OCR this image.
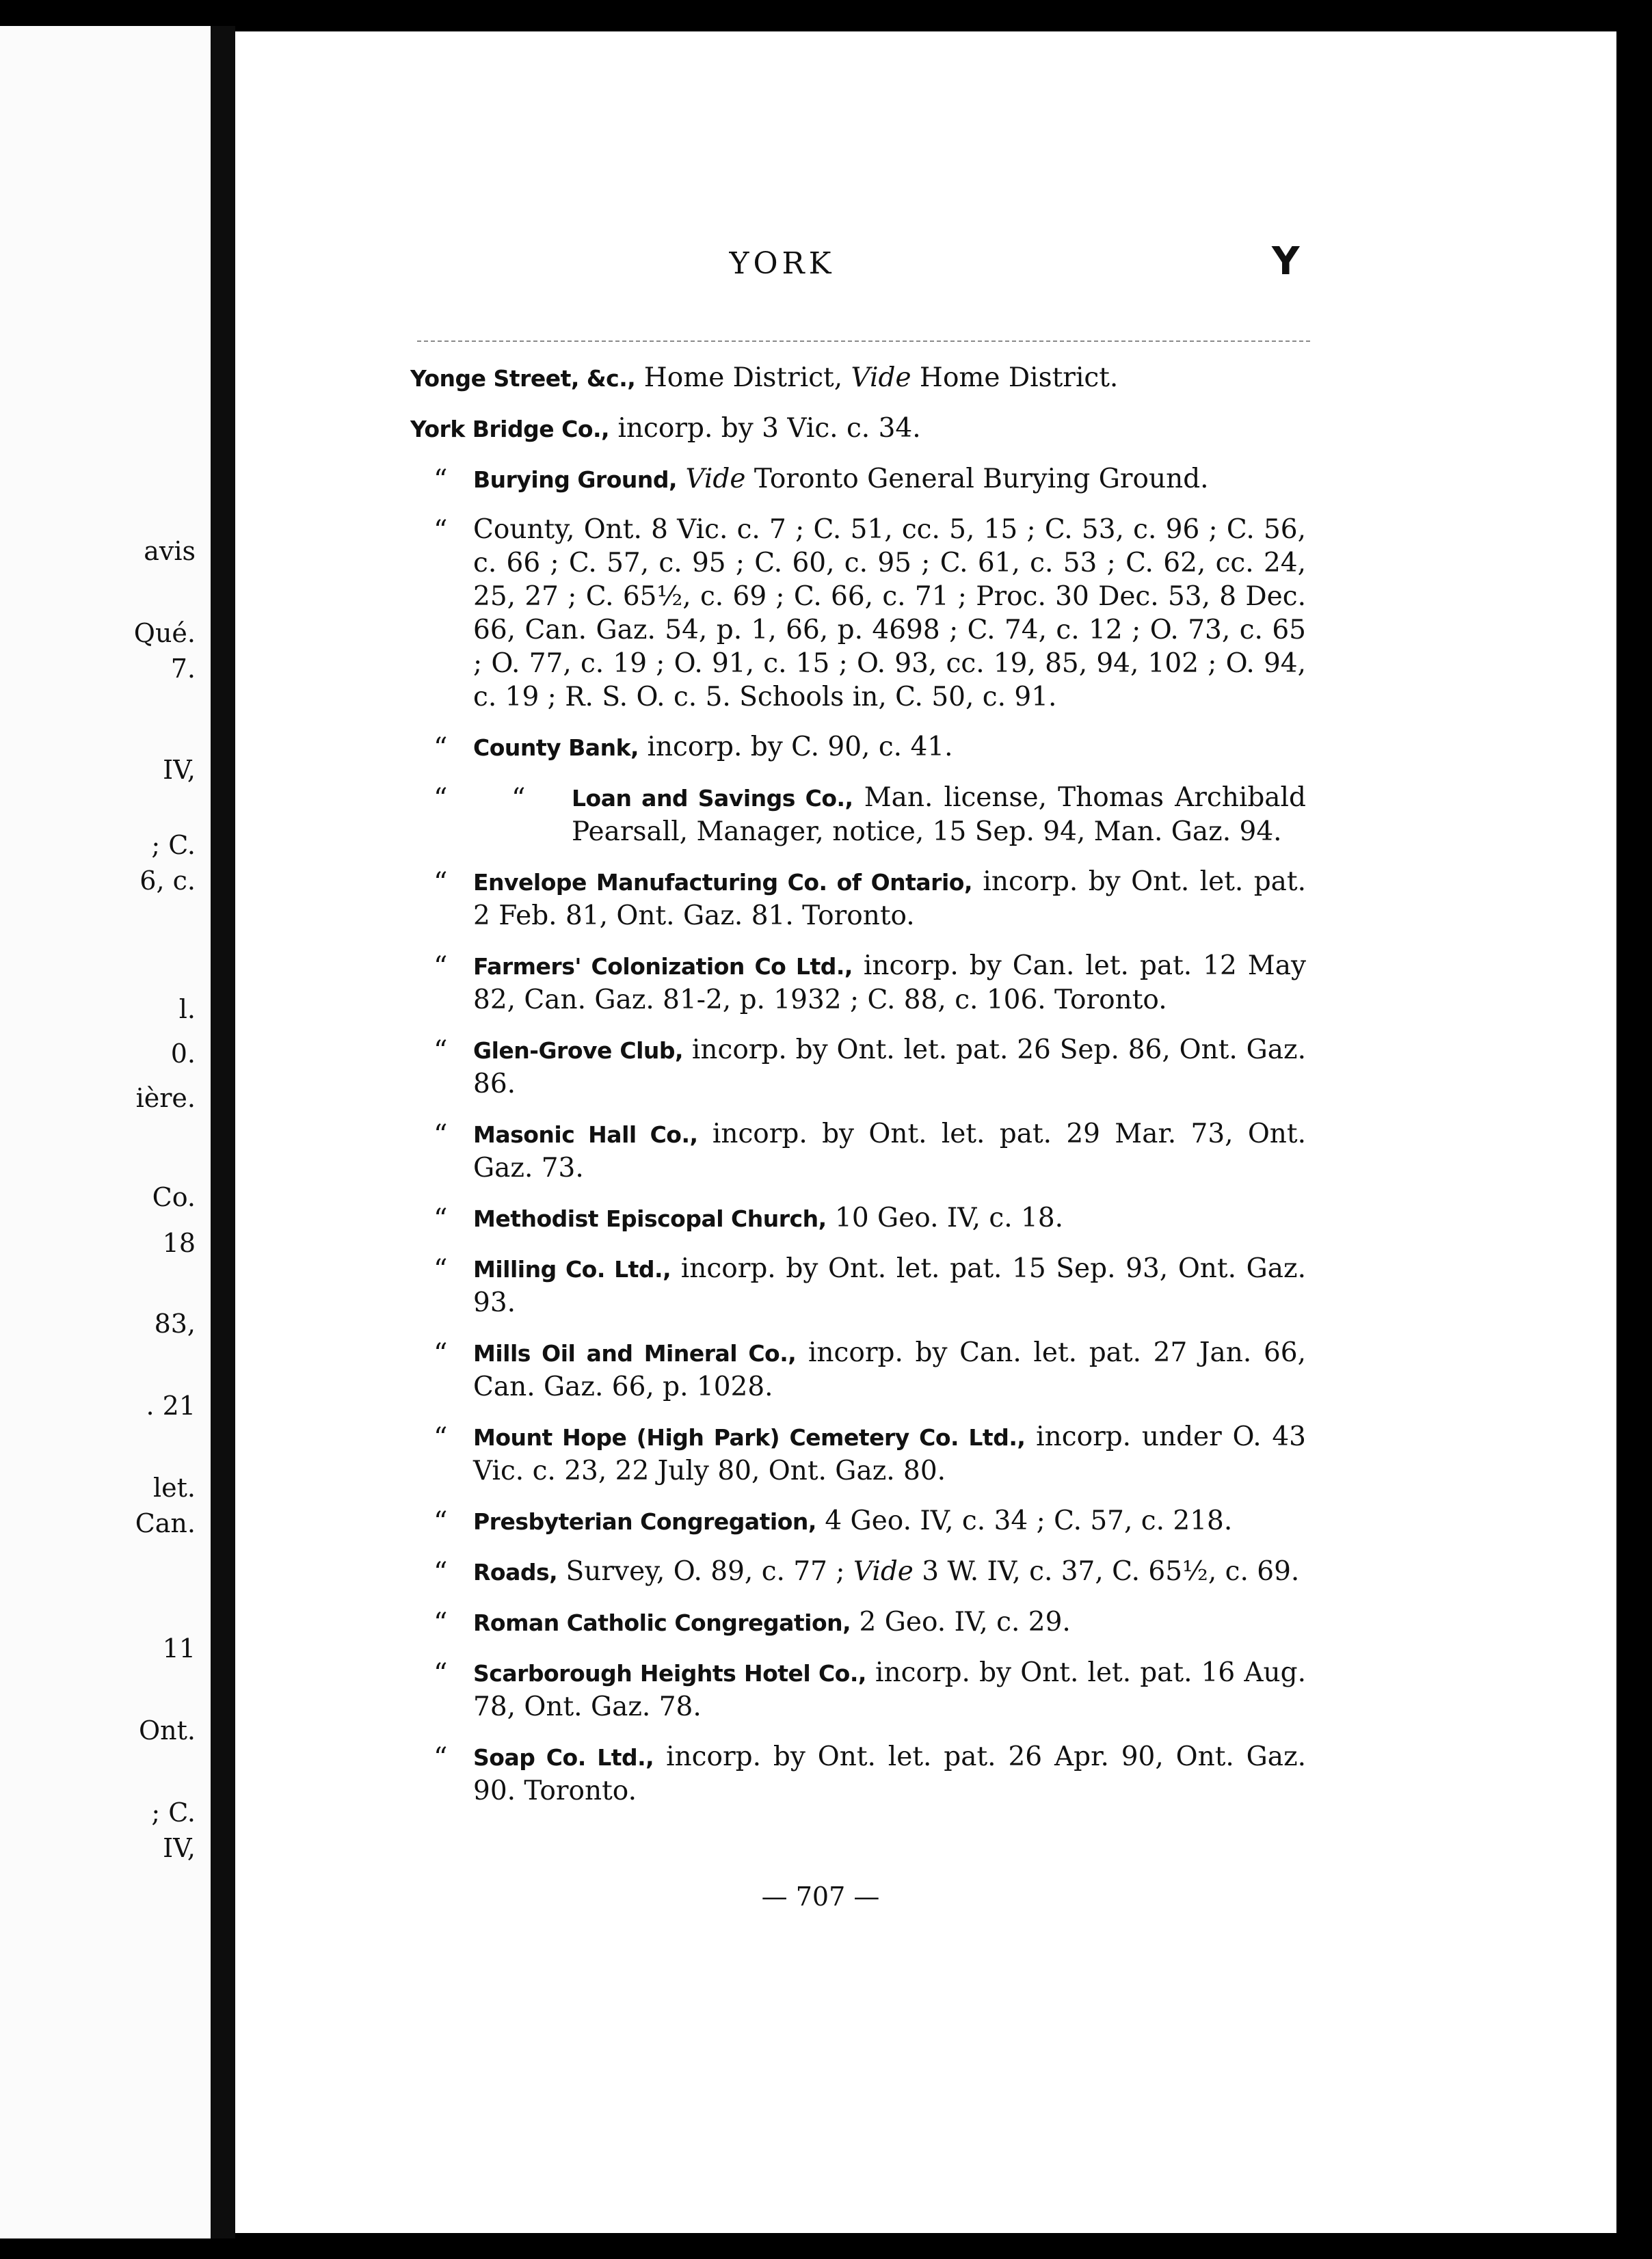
avis
Qué.
7.
IV,
; C.
6, c.
l.
0.
ière.
Co.
18
83,
. 21
let.
Can.
11
Ont.
; C.
IV,
YORK	Y
Yonge Street, &c., Home District, Vide Home District.
York Bridge Co., incorp. by 3 Vic. c. 34.
“ Burying Ground, Vide Toronto General Burying Ground.
“ County, Ont. 8 Vic. c. 7 ; C. 51, cc. 5, 15 ; C. 53, c. 96 ; C. 56, c. 66 ; C. 57, c. 95 ; C. 60, c. 95 ; C. 61, c. 53 ; C. 62, cc. 24, 25, 27 ; C. 65½, c. 69 ; C. 66, c. 71 ; Proc. 30 Dec. 53, 8 Dec. 66, Can. Gaz. 54, p. 1, 66, p. 4698 ; C. 74, c. 12 ; O. 73, c. 65 ; O. 77, c. 19 ; O. 91, c. 15 ; O. 93, cc. 19, 85, 94, 102 ; O. 94, c. 19 ; R. S. O. c. 5. Schools in, C. 50, c. 91.
“ County Bank, incorp. by C. 90, c. 41.
“ “ Loan and Savings Co., Man. license, Thomas Archibald Pearsall, Manager, notice, 15 Sep. 94, Man. Gaz. 94.
“ Envelope Manufacturing Co. of Ontario, incorp. by Ont. let. pat. 2 Feb. 81, Ont. Gaz. 81. Toronto.
“ Farmers' Colonization Co Ltd., incorp. by Can. let. pat. 12 May 82, Can. Gaz. 81-2, p. 1932 ; C. 88, c. 106. Toronto.
“ Glen-Grove Club, incorp. by Ont. let. pat. 26 Sep. 86, Ont. Gaz. 86.
“ Masonic Hall Co., incorp. by Ont. let. pat. 29 Mar. 73, Ont. Gaz. 73.
“ Methodist Episcopal Church, 10 Geo. IV, c. 18.
“ Milling Co. Ltd., incorp. by Ont. let. pat. 15 Sep. 93, Ont. Gaz. 93.
“ Mills Oil and Mineral Co., incorp. by Can. let. pat. 27 Jan. 66, Can. Gaz. 66, p. 1028.
“ Mount Hope (High Park) Cemetery Co. Ltd., incorp. under O. 43 Vic. c. 23, 22 July 80, Ont. Gaz. 80.
“ Presbyterian Congregation, 4 Geo. IV, c. 34 ; C. 57, c. 218.
“ Roads, Survey, O. 89, c. 77 ; Vide 3 W. IV, c. 37, C. 65½, c. 69.
“ Roman Catholic Congregation, 2 Geo. IV, c. 29.
“ Scarborough Heights Hotel Co., incorp. by Ont. let. pat. 16 Aug. 78, Ont. Gaz. 78.
“ Soap Co. Ltd., incorp. by Ont. let. pat. 26 Apr. 90, Ont. Gaz. 90. Toronto.
— 707 —
